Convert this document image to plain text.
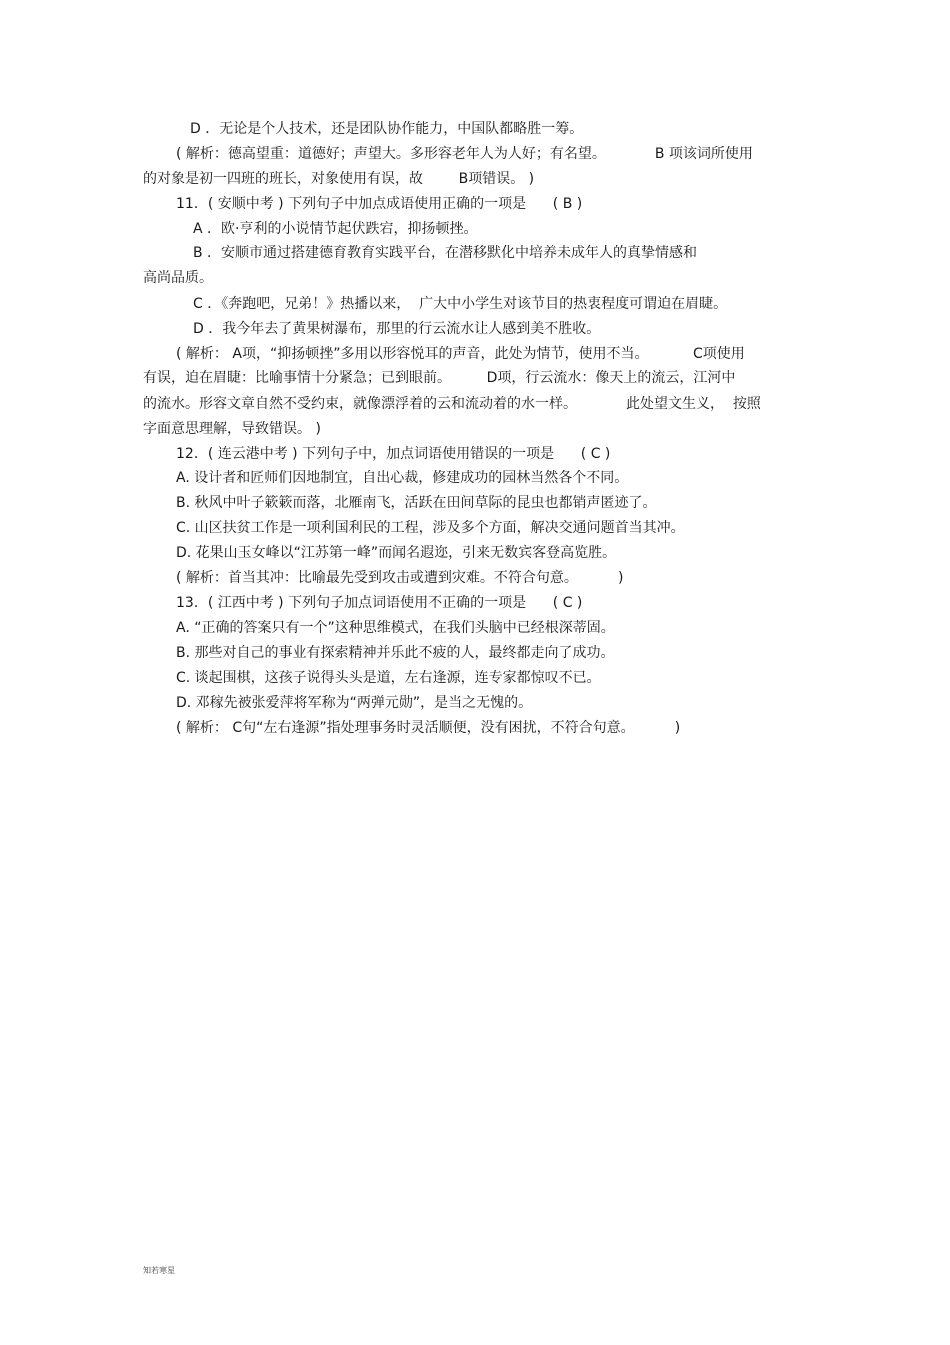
D ．无论是个人技术，还是团队协作能力，中国队都略胜一筹。
( 解析：德高望重：道德好；声望大。多形容老年人为人好；有名望。           B 项该词所使用
的对象是初一四班的班长，对象使用有误，故        B项错误。 )
11．( 安顺中考 ) 下列句子中加点成语使用正确的一项是      ( B )
A ．欧·亨利的小说情节起伏跌宕，抑扬顿挫。
B ．安顺市通过搭建德育教育实践平台，在潜移默化中培养未成年人的真挚情感和
高尚品质。
C ．《奔跑吧，兄弟！》热播以来，  广大中小学生对该节目的热衷程度可谓迫在眉睫。
D ．我今年去了黄果树瀑布，那里的行云流水让人感到美不胜收。
( 解析： A项，“抑扬顿挫”多用以形容悦耳的声音，此处为情节，使用不当。          C项使用
有误，迫在眉睫：比喻事情十分紧急；已到眼前。        D项，行云流水：像天上的流云，江河中
的流水。形容文章自然不受约束，就像漂浮着的云和流动着的水一样。           此处望文生义，  按照
字面意思理解，导致错误。 )
12．( 连云港中考 ) 下列句子中，加点词语使用错误的一项是      ( C )
A. 设计者和匠师们因地制宜，自出心裁，修建成功的园林当然各个不同。
B. 秋风中叶子簌簌而落，北雁南飞，活跃在田间草际的昆虫也都销声匿迹了。
C. 山区扶贫工作是一项利国利民的工程，涉及多个方面，解决交通问题首当其冲。
D. 花果山玉女峰以“江苏第一峰”而闻名遐迩，引来无数宾客登高览胜。
( 解析：首当其冲：比喻最先受到攻击或遭到灾难。不符合句意。         )
13．( 江西中考 ) 下列句子加点词语使用不正确的一项是      ( C )
A. “正确的答案只有一个”这种思维模式，在我们头脑中已经根深蒂固。
B. 那些对自己的事业有探索精神并乐此不疲的人，最终都走向了成功。
C. 谈起围棋，这孩子说得头头是道，左右逢源，连专家都惊叹不已。
D. 邓稼先被张爱萍将军称为“两弹元勋”，是当之无愧的。
( 解析： C句“左右逢源”指处理事务时灵活顺便，没有困扰，不符合句意。         )
知若寒星
